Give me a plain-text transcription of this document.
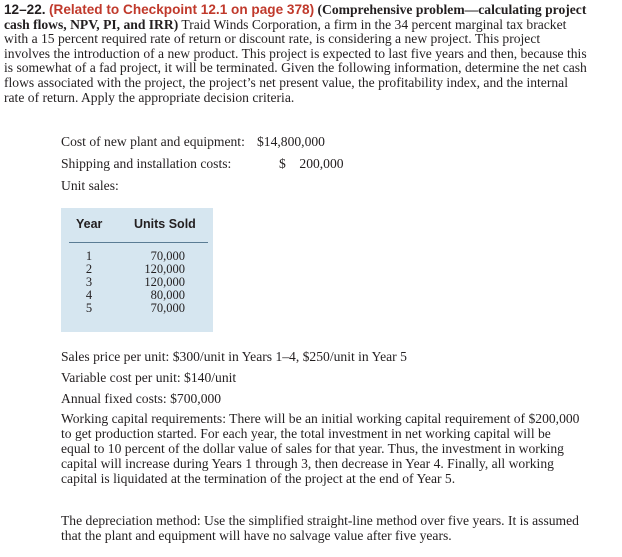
12–22. (Related to Checkpoint 12.1 on page 378) (Comprehensive problem—calculating project cash flows, NPV, PI, and IRR) Traid Winds Corporation, a firm in the 34 percent marginal tax bracket with a 15 percent required rate of return or discount rate, is considering a new project. This project involves the introduction of a new product. This project is expected to last five years and then, because this is somewhat of a fad project, it will be terminated. Given the following information, determine the net cash flows associated with the project, the project’s net present value, the profitability index, and the internal rate of return. Apply the appropriate decision criteria.
Cost of new plant and equipment: $14,800,000
Shipping and installation costs:	$    200,000
Unit sales:
Year	Units Sold
1
2
3
4
5
70,000
120,000
120,000
80,000
70,000

Sales price per unit: $300/unit in Years 1–4, $250/unit in Year 5

Variable cost per unit: $140/unit

Annual fixed costs: $700,000

Working capital requirements: There will be an initial working capital requirement of $200,000 to get production started. For each year, the total investment in net working capital will be equal to 10 percent of the dollar value of sales for that year. Thus, the investment in working capital will increase during Years 1 through 3, then decrease in Year 4. Finally, all working capital is liquidated at the termination of the project at the end of Year 5.

The depreciation method: Use the simplified straight-line method over five years. It is assumed that the plant and equipment will have no salvage value after five years.
